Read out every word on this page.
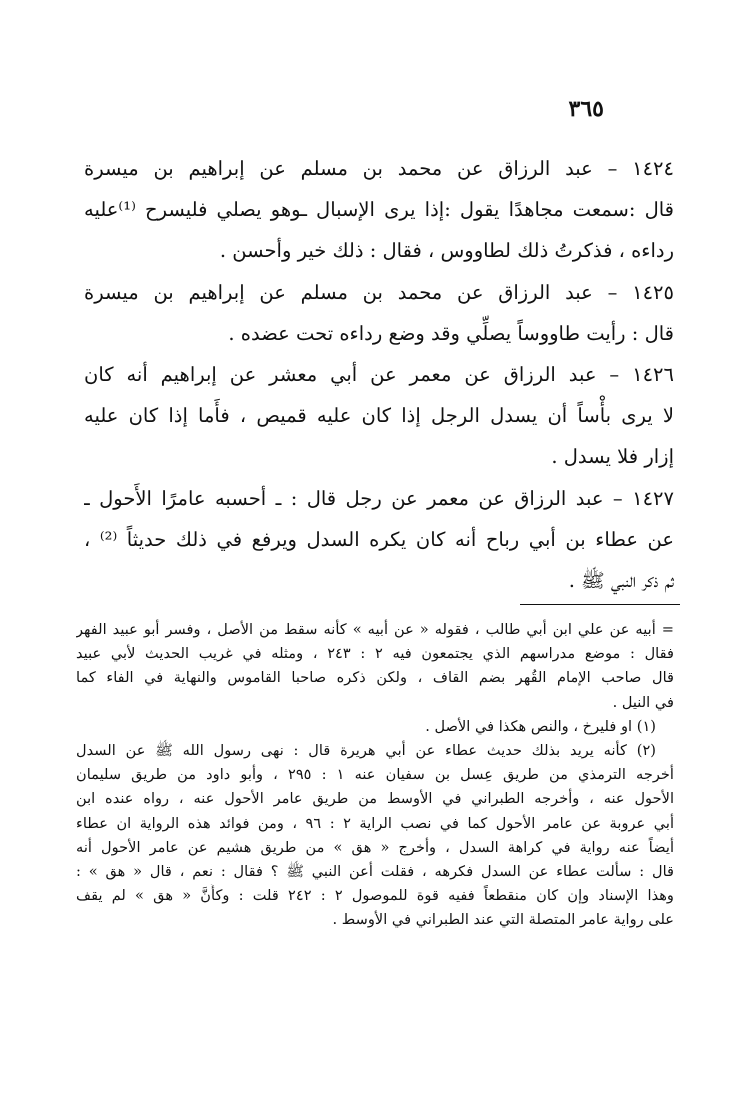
٣٦٥
١٤٢٤ – عبد الرزاق عن محمد بن مسلم عن إبراهيم بن ميسرة
قال :سمعت مجاهدًا يقول :إذا يرى الإسبال ـوهو يصلي فليسرح ⁽¹⁾عليه
رداءه ، فذكرتُ ذلك لطاووس ، فقال : ذلك خير وأحسن .
١٤٢٥ – عبد الرزاق عن محمد بن مسلم عن إبراهيم بن ميسرة
قال : رأيت طاووساً يصلِّي وقد وضع رداءه تحت عضده .
١٤٢٦ – عبد الرزاق عن معمر عن أبي معشر عن إبراهيم أنه كان
لا يرى بأْساً أن يسدل الرجل إذا كان عليه قميص ، فأَما إذا كان عليه
إزار فلا يسدل .
١٤٢٧ – عبد الرزاق عن معمر عن رجل قال : ـ أحسبه عامرًا الأَحول ـ
عن عطاء بن أبي رباح أنه كان يكره السدل ويرفع في ذلك حديثاً ⁽²⁾ ،
ثم ذكر النبي ﷺ .
= أبيه عن علي ابن أبي طالب ، فقوله « عن أبيه » كأنه سقط من الأصل ، وفسر أبو عبيد الفهر
فقال : موضع مدراسهم الذي يجتمعون فيه ٢ : ٢٤٣ ، ومثله في غريب الحديث لأبي عبيد
قال صاحب الإمام القُهر بضم القاف ، ولكن ذكره صاحبا القاموس والنهاية في الفاء كما
في النيل .
(١) او فليرخ ، والنص هكذا في الأصل .
(٢) كأنه يريد بذلك حديث عطاء عن أبي هريرة قال : نهى رسول الله ﷺ عن السدل
أخرجه الترمذي من طريق عِسل بن سفيان عنه ١ : ٢٩٥ ، وأبو داود من طريق سليمان
الأحول عنه ، وأخرجه الطبراني في الأوسط من طريق عامر الأحول عنه ، رواه عنده ابن
أبي عروبة عن عامر الأحول كما في نصب الراية ٢ : ٩٦ ، ومن فوائد هذه الرواية ان عطاء
أيضاً عنه رواية في كراهة السدل ، وأخرج « هق » من طريق هشيم عن عامر الأحول أنه
قال : سألت عطاء عن السدل فكرهه ، فقلت أعن النبي ﷺ ؟ فقال : نعم ، قال « هق » :
وهذا الإسناد وإن كان منقطعاً ففيه قوة للموصول ٢ : ٢٤٢ قلت : وكأَنَّ « هق » لم يقف
على رواية عامر المتصلة التي عند الطبراني في الأوسط .
